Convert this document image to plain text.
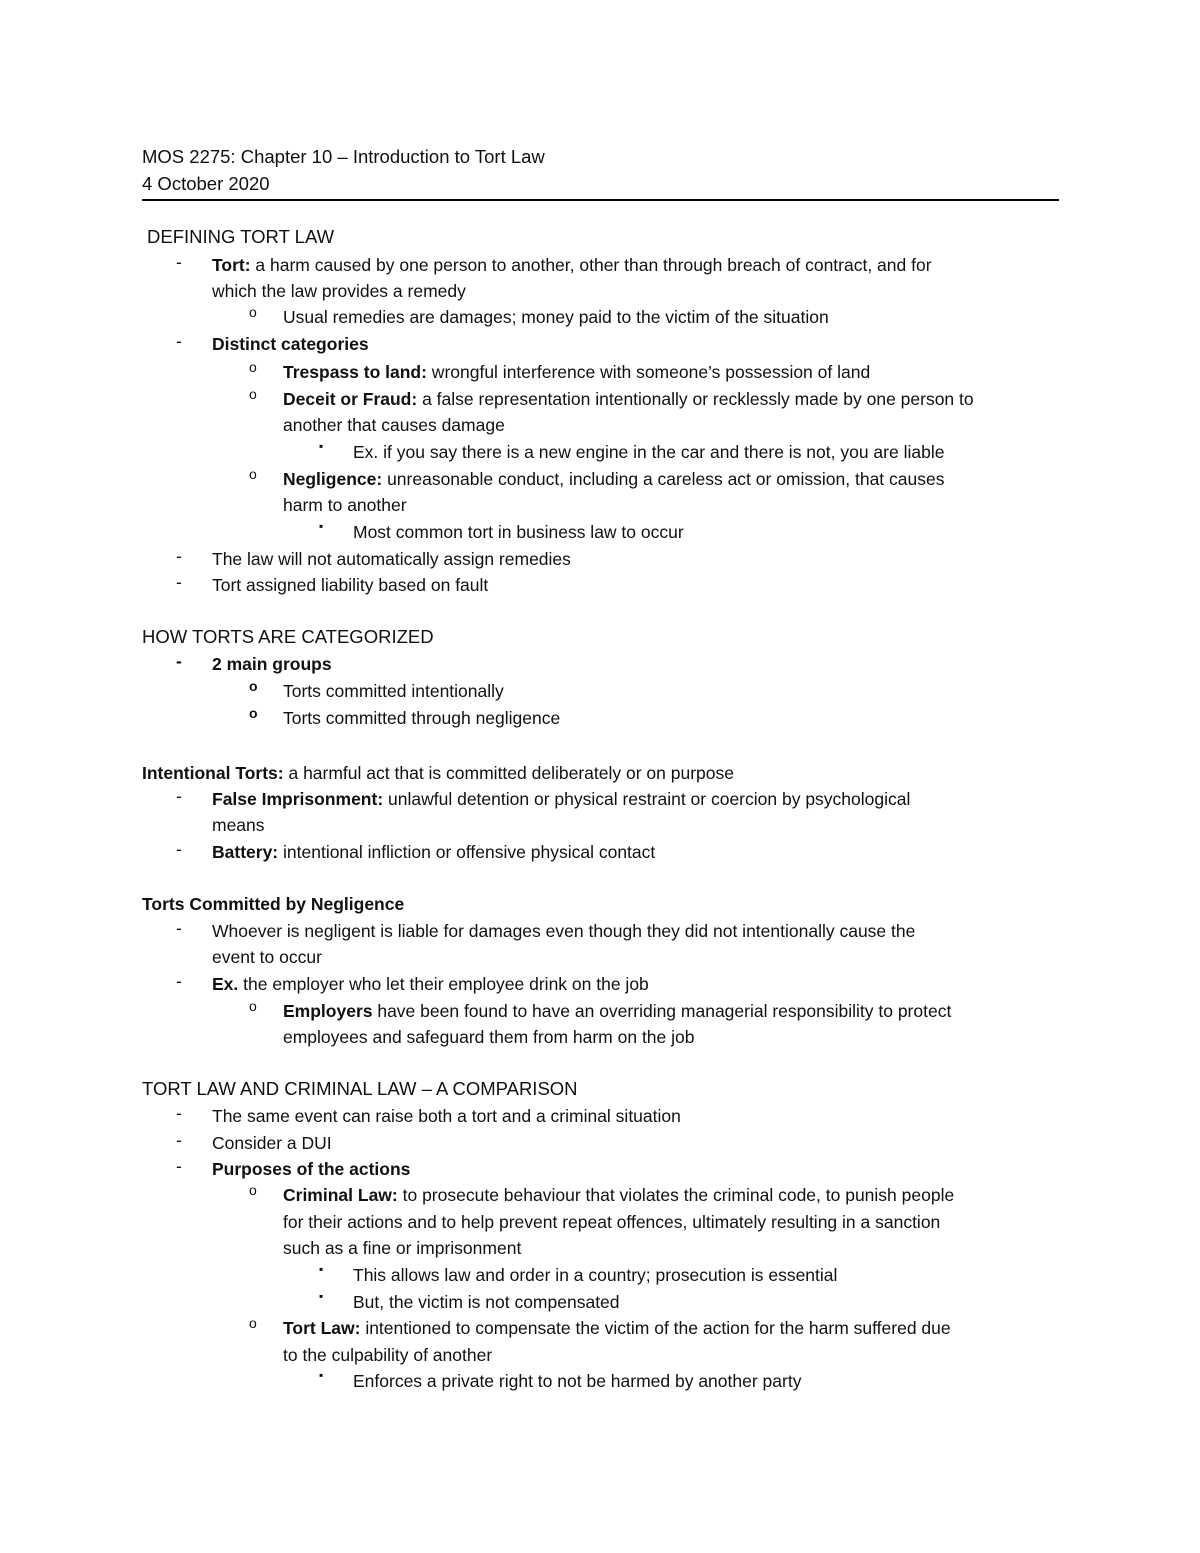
MOS 2275: Chapter 10 – Introduction to Tort Law
4 October 2020
DEFINING TORT LAW
- Tort: a harm caused by one person to another, other than through breach of contract, and for
which the law provides a remedy
o Usual remedies are damages; money paid to the victim of the situation
- Distinct categories
o Trespass to land: wrongful interference with someone’s possession of land
o Deceit or Fraud: a false representation intentionally or recklessly made by one person to
another that causes damage
▪ Ex. if you say there is a new engine in the car and there is not, you are liable
o Negligence: unreasonable conduct, including a careless act or omission, that causes
harm to another
▪ Most common tort in business law to occur
- The law will not automatically assign remedies
- Tort assigned liability based on fault
HOW TORTS ARE CATEGORIZED
- 2 main groups
o Torts committed intentionally
o Torts committed through negligence
Intentional Torts: a harmful act that is committed deliberately or on purpose
- False Imprisonment: unlawful detention or physical restraint or coercion by psychological
means
- Battery: intentional infliction or offensive physical contact
Torts Committed by Negligence
- Whoever is negligent is liable for damages even though they did not intentionally cause the
event to occur
- Ex. the employer who let their employee drink on the job
o Employers have been found to have an overriding managerial responsibility to protect
employees and safeguard them from harm on the job
TORT LAW AND CRIMINAL LAW – A COMPARISON
- The same event can raise both a tort and a criminal situation
- Consider a DUI
- Purposes of the actions
o Criminal Law: to prosecute behaviour that violates the criminal code, to punish people
for their actions and to help prevent repeat offences, ultimately resulting in a sanction
such as a fine or imprisonment
▪ This allows law and order in a country; prosecution is essential
▪ But, the victim is not compensated
o Tort Law: intentioned to compensate the victim of the action for the harm suffered due
to the culpability of another
▪ Enforces a private right to not be harmed by another party
